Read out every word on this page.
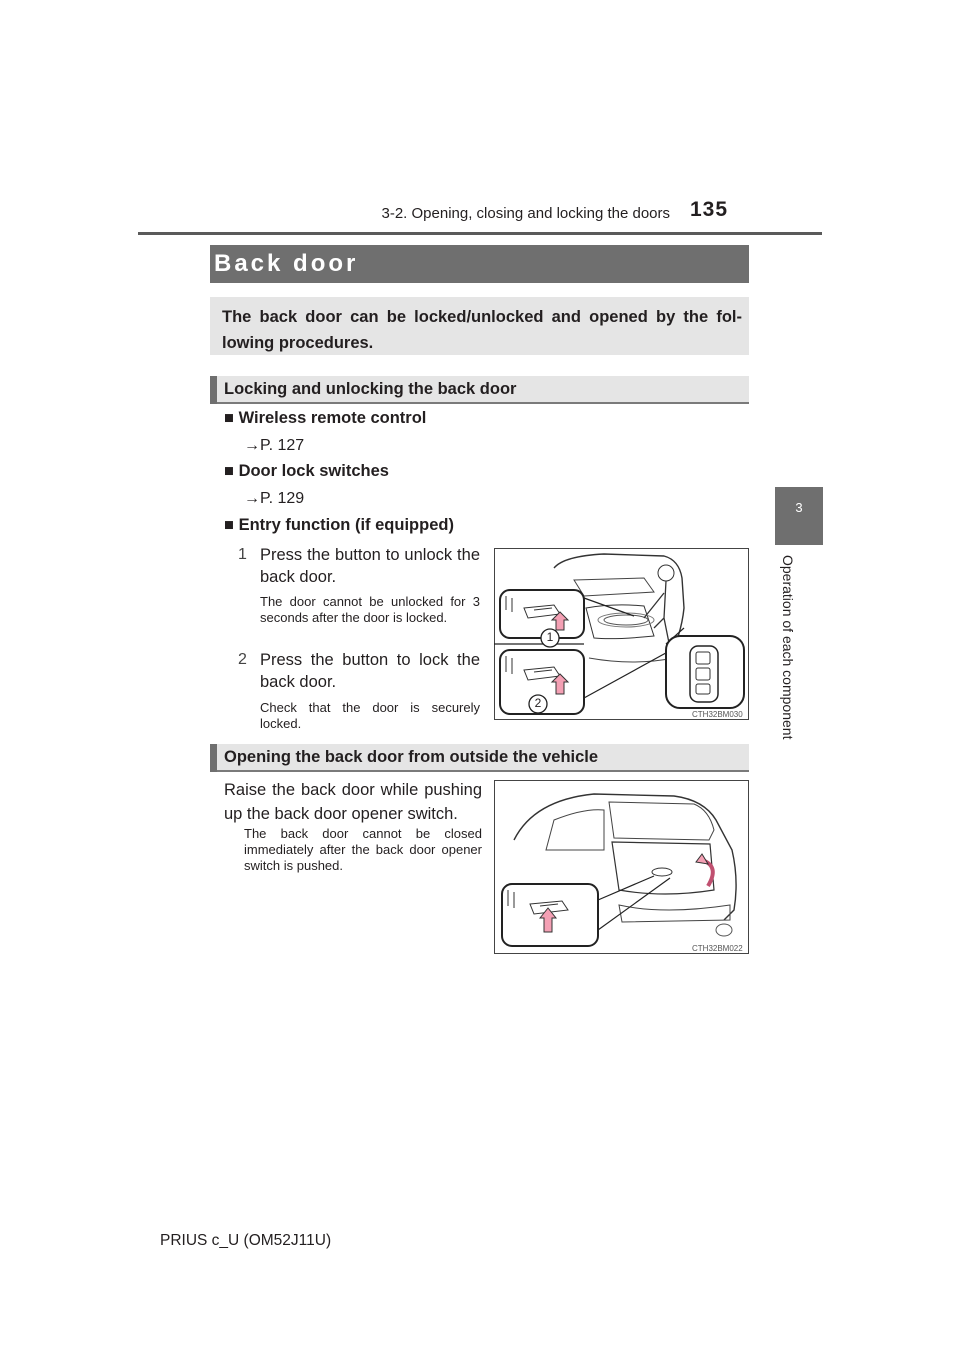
3-2. Opening, closing and locking the doors 135
3
Operation of each component
Back door
The back door can be locked/unlocked and opened by the fol- lowing procedures.
Locking and unlocking the back door
■ Wireless remote control
→P. 127
■ Door lock switches
→P. 129
■ Entry function (if equipped)
1 Press the button to unlock the back door.
The door cannot be unlocked for 3 seconds after the door is locked.
2 Press the button to lock the back door.
Check that the door is securely locked.
1
2
CTH32BM030
Opening the back door from outside the vehicle
Raise the back door while pushing up the back door opener switch.
The back door cannot be closed immediately after the back door opener switch is pushed.
CTH32BM022
PRIUS c_U (OM52J11U)
